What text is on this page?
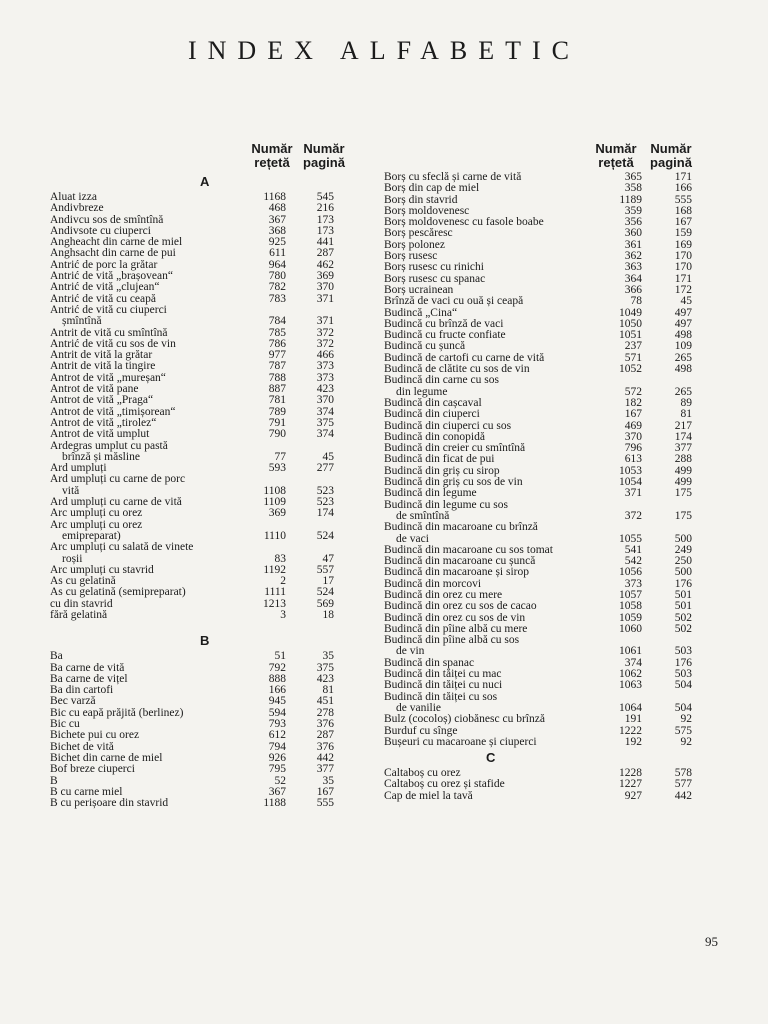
INDEX ALFABETIC
Număr
rețetă
Număr
pagină
A
Aluat izza	1168	545
Andivbreze	468	216
Andivcu sos de smîntînă	367	173
Andivsote cu ciuperci	368	173
Angheacht din carne de miel	925	441
Anghsacht din carne de pui	611	287
Antrić de porc la grătar	964	462
Antrić de vită „brașovean“	780	369
Antrić de vită „clujean“	782	370
Antrić de vită cu ceapă	783	371
Antrić de vită cu ciuperci
șmîntînă	784	371
Antrit de vită cu smîntînă	785	372
Antrić de vită cu sos de vin	786	372
Antrit de vită la grătar	977	466
Antrit de vită la tingire	787	373
Antrot de vită „mureșan“	788	373
Antrot de vită pane	887	423
Antrot de vită „Praga“	781	370
Antrot de vită „timișorean“	789	374
Antrot de vită „tirolez“	791	375
Antrot de vită umplut	790	374
Ardegras umplut cu pastă
brînză și măsline	77	45
Ard umpluți	593	277
Ard umpluți cu carne de porc
vită	1108	523
Ard umpluți cu carne de vită	1109	523
Arc umpluți cu orez	369	174
Arc umpluți cu orez
emipreparat)	1110	524
Arc umpluți cu salată de vinete
roșii	83	47
Arc umpluți cu stavrid	1192	557
As cu gelatină	2	17
As cu gelatină (semipreparat)	1111	524
cu din stavrid	1213	569
fără gelatină	3	18
B
Ba	51	35
Ba carne de vită	792	375
Ba carne de vițel	888	423
Ba din cartofi	166	81
Bec varză	945	451
Bic cu eapă prăjită (berlinez)	594	278
Bic cu	793	376
Bichete pui cu orez	612	287
Bichet de vită	794	376
Bichet din carne de miel	926	442
Bof breze ciuperci	795	377
B	52	35
B cu carne miel	367	167
B cu perișoare din stavrid	1188	555
Număr
rețetă
Număr
pagină
Borș cu sfeclă și carne de vită	365	171
Borș din cap de miel	358	166
Borș din stavrid	1189	555
Borș moldovenesc	359	168
Borș moldovenesc cu fasole boabe	356	167
Borș pescăresc	360	159
Borș polonez	361	169
Borș rusesc	362	170
Borș rusesc cu rinichi	363	170
Borș rusesc cu spanac	364	171
Borș ucrainean	366	172
Brînză de vaci cu ouă și ceapă	78	45
Budincă „Cina“	1049	497
Budincă cu brînză de vaci	1050	497
Budincă cu fructe confiate	1051	498
Budincă cu șuncă	237	109
Budincă de cartofi cu carne de vită	571	265
Budincă de clătite cu sos de vin	1052	498
Budincă din carne cu sos
din legume	572	265
Budincă din cașcaval	182	89
Budincă din ciuperci	167	81
Budincă din ciuperci cu sos	469	217
Budincă din conopidă	370	174
Budincă din creier cu smîntînă	796	377
Budincă din ficat de pui	613	288
Budincă din griș cu sirop	1053	499
Budincă din griș cu sos de vin	1054	499
Budincă din legume	371	175
Budincă din legume cu sos
de smîntînă	372	175
Budincă din macaroane cu brînză
de vaci	1055	500
Budincă din macaroane cu sos tomat	541	249
Budincă din macaroane cu șuncă	542	250
Budincă din macaroane și sirop	1056	500
Budincă din morcovi	373	176
Budincă din orez cu mere	1057	501
Budincă din orez cu sos de cacao	1058	501
Budincă din orez cu sos de vin	1059	502
Budincă din pîine albă cu mere	1060	502
Budincă din pîine albă cu sos
de vin	1061	503
Budincă din spanac	374	176
Budincă din tăiței cu mac	1062	503
Budincă din tăiței cu nuci	1063	504
Budincă din tăiței cu sos
de vanilie	1064	504
Bulz (cocoloș) ciobănesc cu brînză	191	92
Burduf cu sînge	1222	575
Bușeuri cu macaroane și ciuperci	192	92
C
Caltaboș cu orez	1228	578
Caltaboș cu orez și stafide	1227	577
Cap de miel la tavă	927	442
95
